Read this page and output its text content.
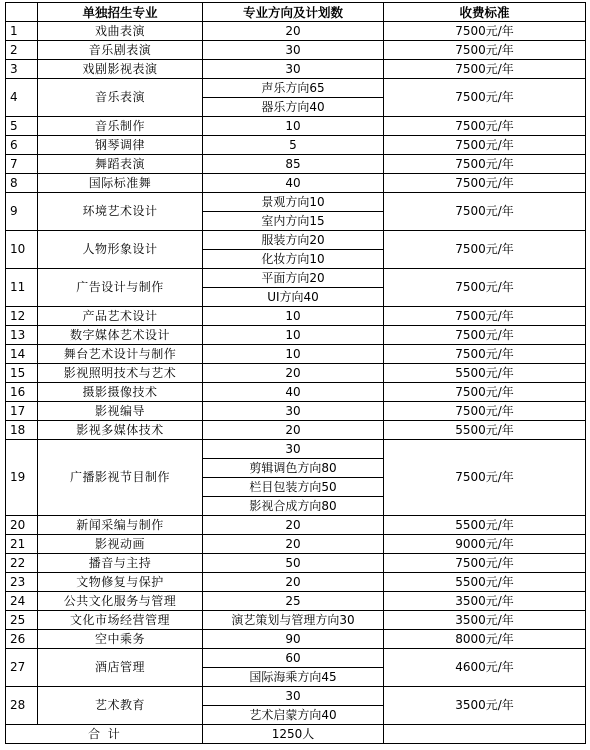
	单独招生专业	专业方向及计划数	收费标准
1	戏曲表演	20	7500元/年
2	音乐剧表演	30	7500元/年
3	戏剧影视表演	30	7500元/年
4	音乐表演	声乐方向65	7500元/年
		器乐方向40	
5	音乐制作	10	7500元/年
6	钢琴调律	5	7500元/年
7	舞蹈表演	85	7500元/年
8	国际标准舞	40	7500元/年
9	环境艺术设计	景观方向10	7500元/年
		室内方向15	
10	人物形象设计	服装方向20	7500元/年
		化妆方向10	
11	广告设计与制作	平面方向20	7500元/年
		UI方向40	
12	产品艺术设计	10	7500元/年
13	数字媒体艺术设计	10	7500元/年
14	舞台艺术设计与制作	10	7500元/年
15	影视照明技术与艺术	20	5500元/年
16	摄影摄像技术	40	7500元/年
17	影视编导	30	7500元/年
18	影视多媒体技术	20	5500元/年
19	广播影视节目制作	30	7500元/年
		剪辑调色方向80	
		栏目包装方向50	
		影视合成方向80	
20	新闻采编与制作	20	5500元/年
21	影视动画	20	9000元/年
22	播音与主持	50	7500元/年
23	文物修复与保护	20	5500元/年
24	公共文化服务与管理	25	3500元/年
25	文化市场经营管理	演艺策划与管理方向30	3500元/年
26	空中乘务	90	8000元/年
27	酒店管理	60	4600元/年
		国际海乘方向45	
28	艺术教育	30	3500元/年
		艺术启蒙方向40	
合  计		1250人	
